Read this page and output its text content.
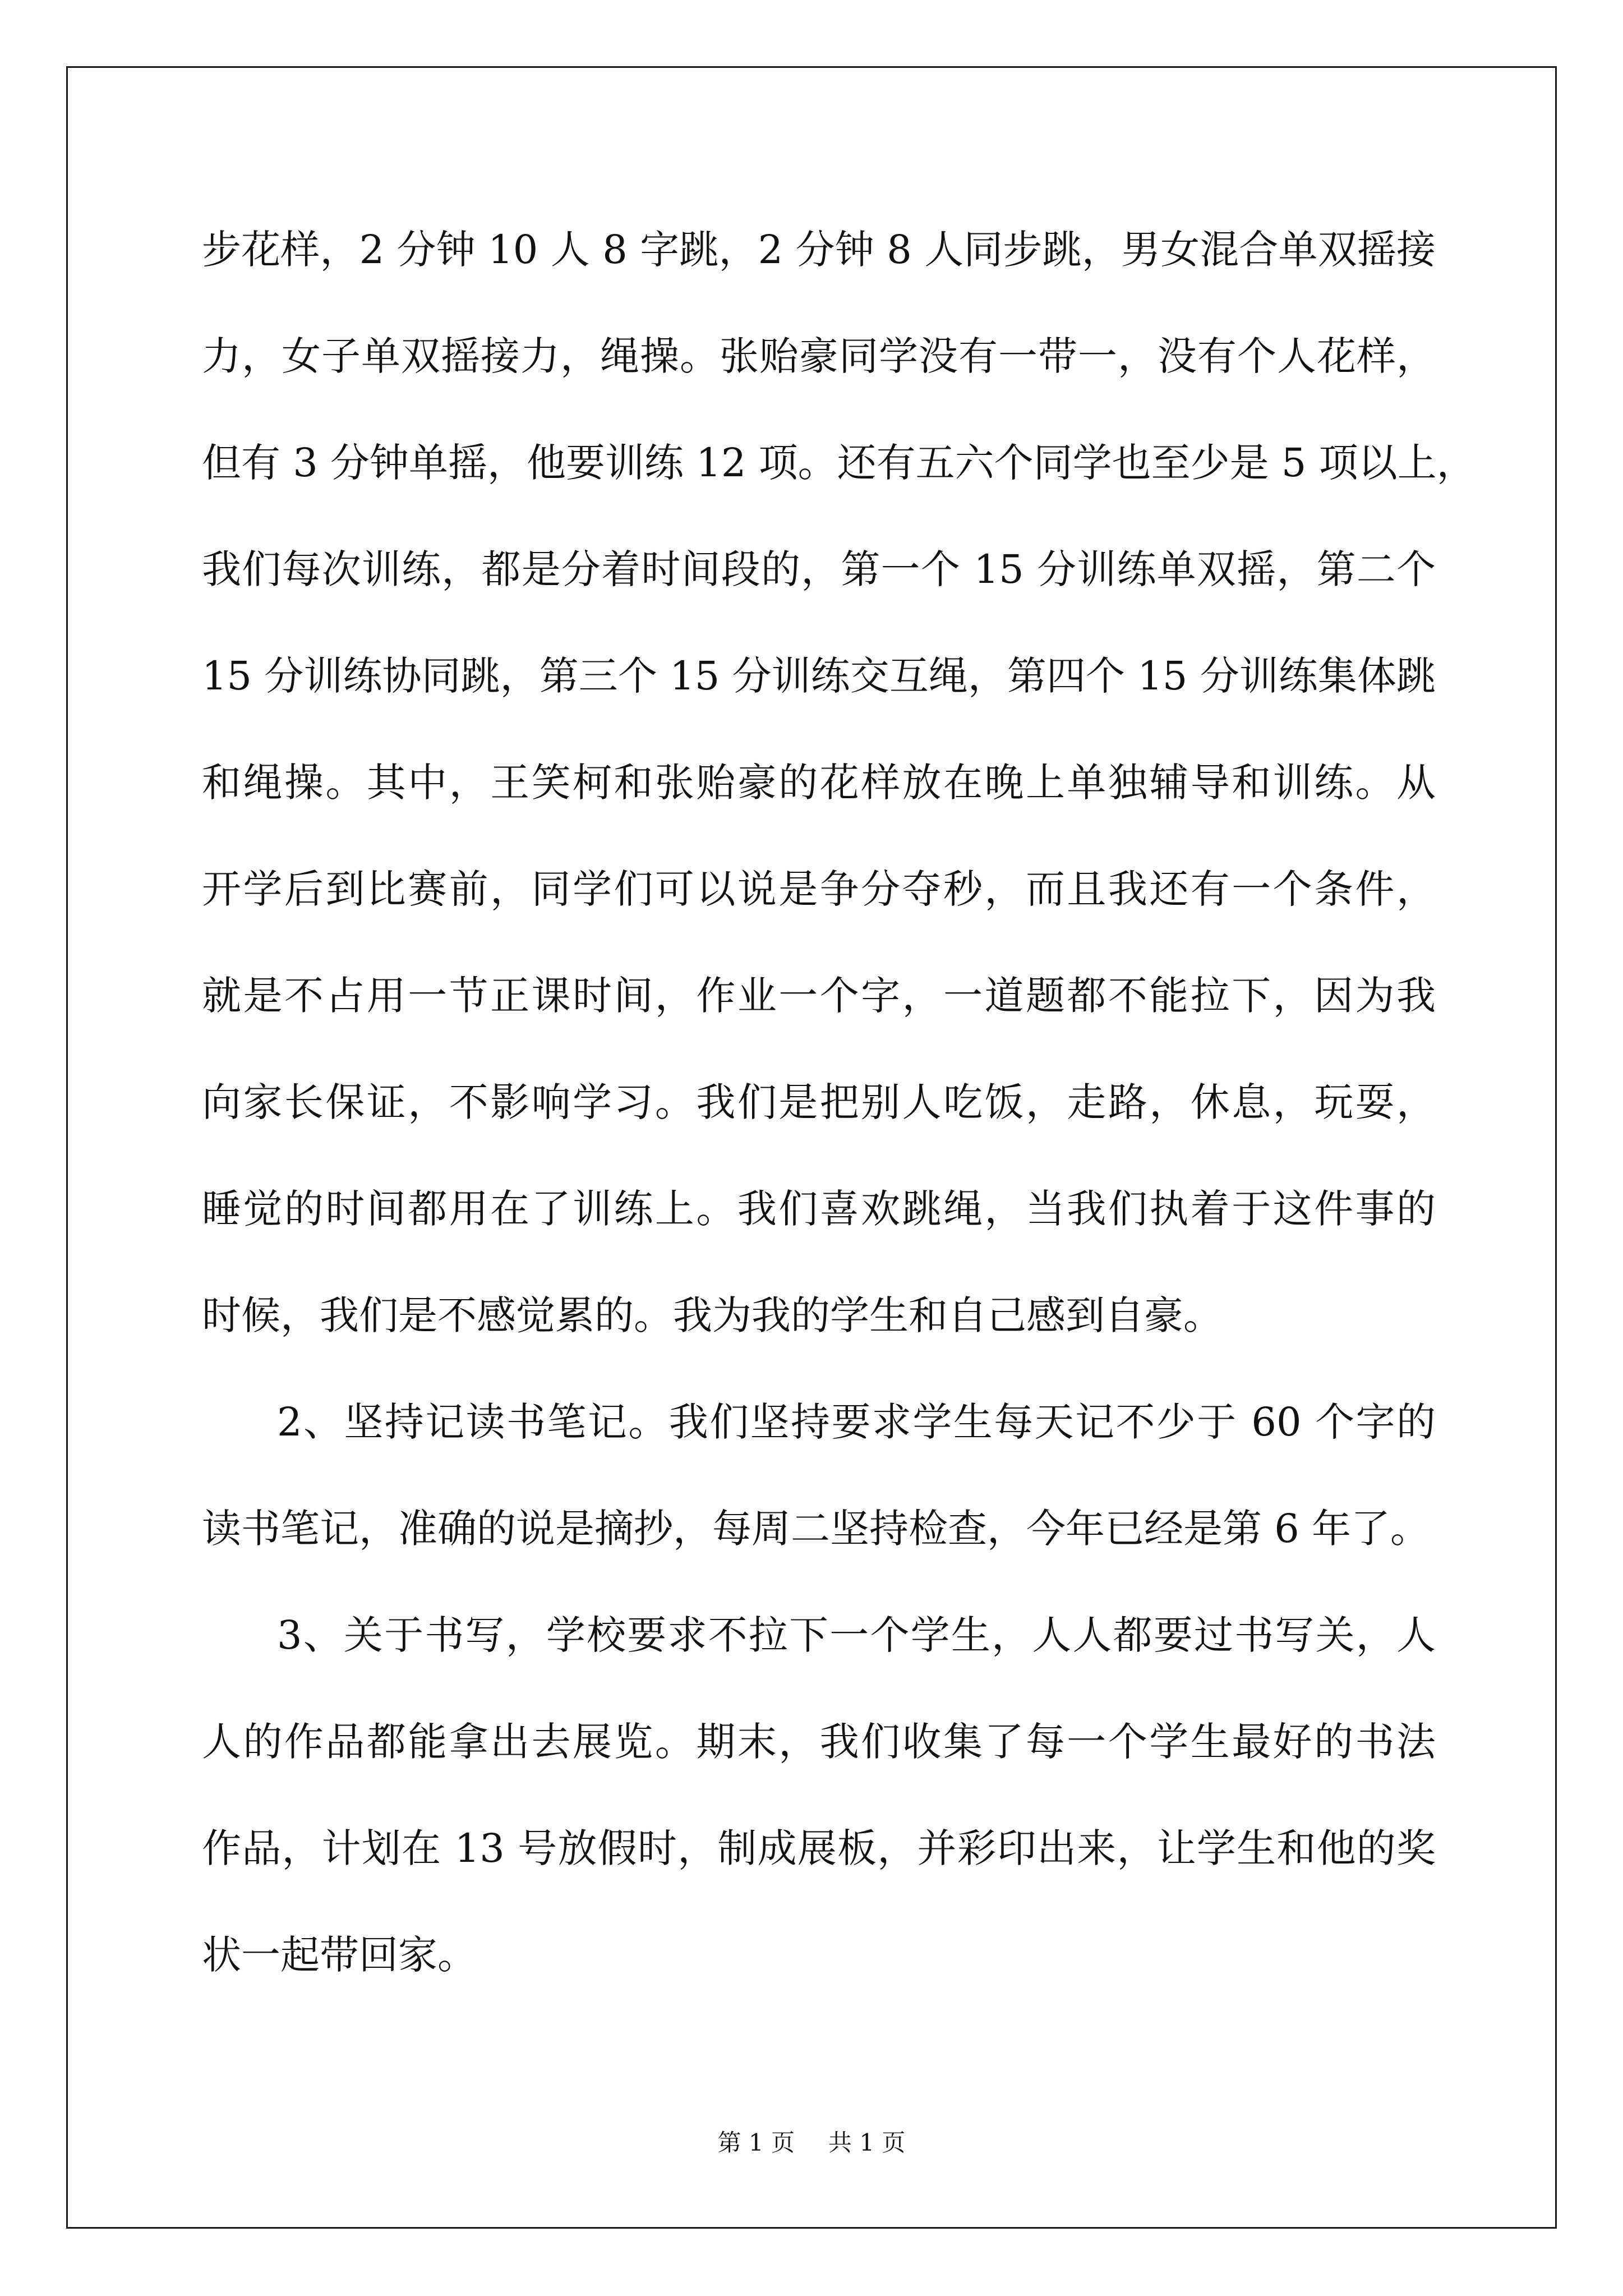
步花样，2 分钟 10 人 8 字跳，2 分钟 8 人同步跳，男女混合单双摇接
力，女子单双摇接力，绳操。张贻豪同学没有一带一，没有个人花样，
但有 3 分钟单摇，他要训练 12 项。还有五六个同学也至少是 5 项以上，
我们每次训练，都是分着时间段的，第一个 15 分训练单双摇，第二个
15 分训练协同跳，第三个 15 分训练交互绳，第四个 15 分训练集体跳
和绳操。其中，王笑柯和张贻豪的花样放在晚上单独辅导和训练。从
开学后到比赛前，同学们可以说是争分夺秒，而且我还有一个条件，
就是不占用一节正课时间，作业一个字，一道题都不能拉下，因为我
向家长保证，不影响学习。我们是把别人吃饭，走路，休息，玩耍，
睡觉的时间都用在了训练上。我们喜欢跳绳，当我们执着于这件事的
时候，我们是不感觉累的。我为我的学生和自己感到自豪。
2、坚持记读书笔记。我们坚持要求学生每天记不少于 60 个字的
读书笔记，准确的说是摘抄，每周二坚持检查，今年已经是第 6 年了。
3、关于书写，学校要求不拉下一个学生，人人都要过书写关，人
人的作品都能拿出去展览。期末，我们收集了每一个学生最好的书法
作品，计划在 13 号放假时，制成展板，并彩印出来，让学生和他的奖
状一起带回家。
第 1 页 共 1 页
